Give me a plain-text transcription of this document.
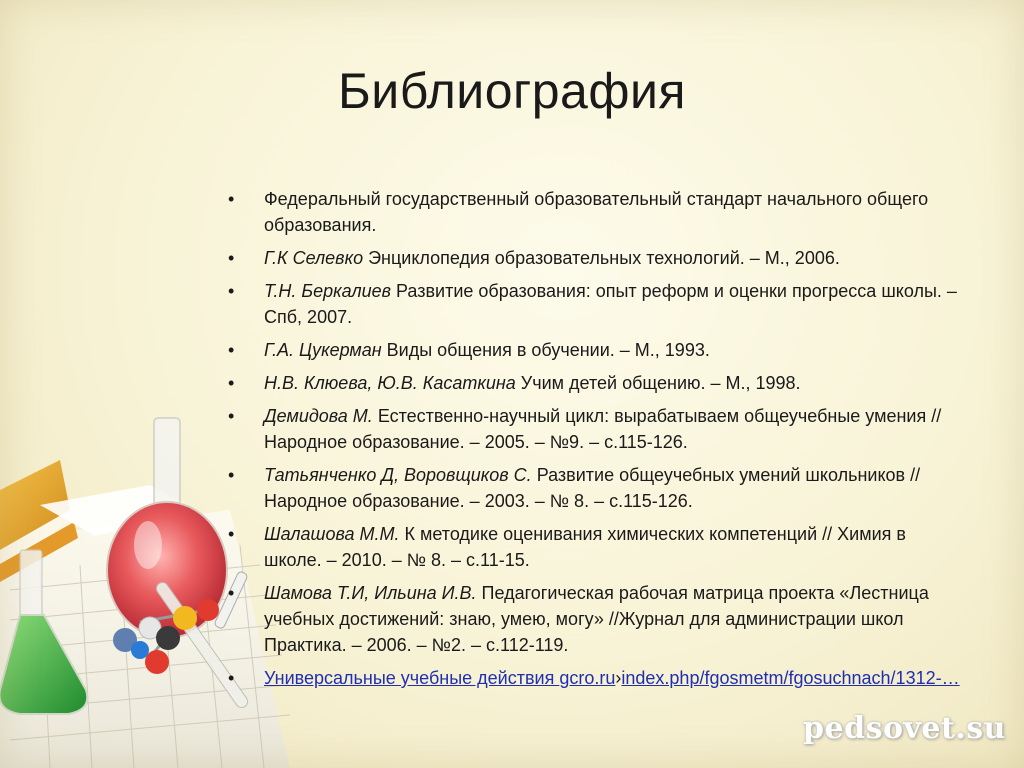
Библиография
• Федеральный государственный образовательный стандарт начального общего образования.
• Г.К Селевко Энциклопедия образовательных технологий. – М., 2006.
• Т.Н. Беркалиев Развитие образования: опыт реформ и оценки прогресса школы. – Спб, 2007.
• Г.А. Цукерман Виды общения в обучении. – М., 1993.
• Н.В. Клюева, Ю.В. Касаткина Учим детей общению. – М., 1998.
• Демидова М. Естественно-научный цикл: вырабатываем общеучебные умения // Народное образование. – 2005. – №9. – с.115-126.
• Татьянченко Д, Воровщиков С. Развитие общеучебных умений школьников //Народное образование. – 2003. – № 8. – с.115-126.
• Шалашова М.М. К методике оценивания химических компетенций // Химия в школе. – 2010. – № 8. – с.11-15.
• Шамова Т.И, Ильина И.В. Педагогическая рабочая матрица проекта «Лестница учебных достижений: знаю, умею, могу» //Журнал для администрации школ Практика. – 2006. – №2. – с.112-119.
• Универсальные учебные действия gcro.ru›index.php/fgosmetm/fgosuchnach/1312-…
pedsovet.su
